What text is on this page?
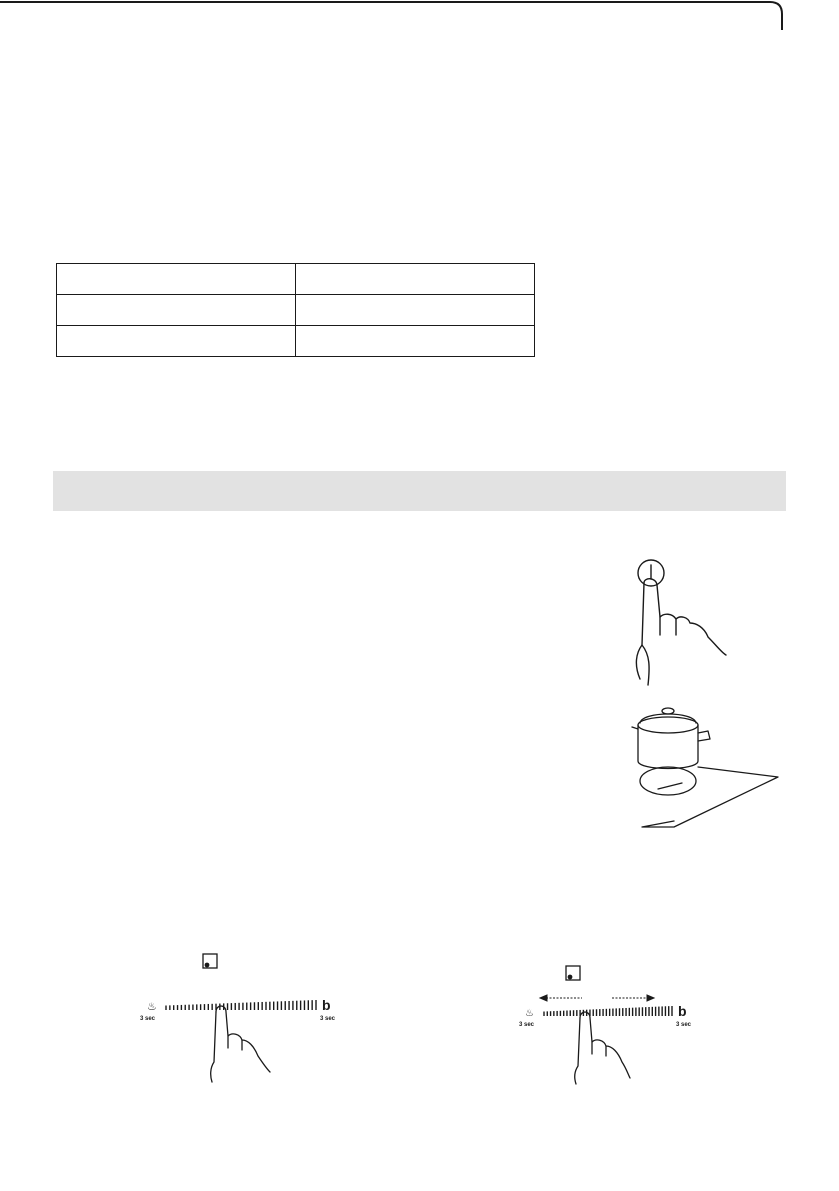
♨
3 sec
b
3 sec	♨
3 sec
b
3 sec
